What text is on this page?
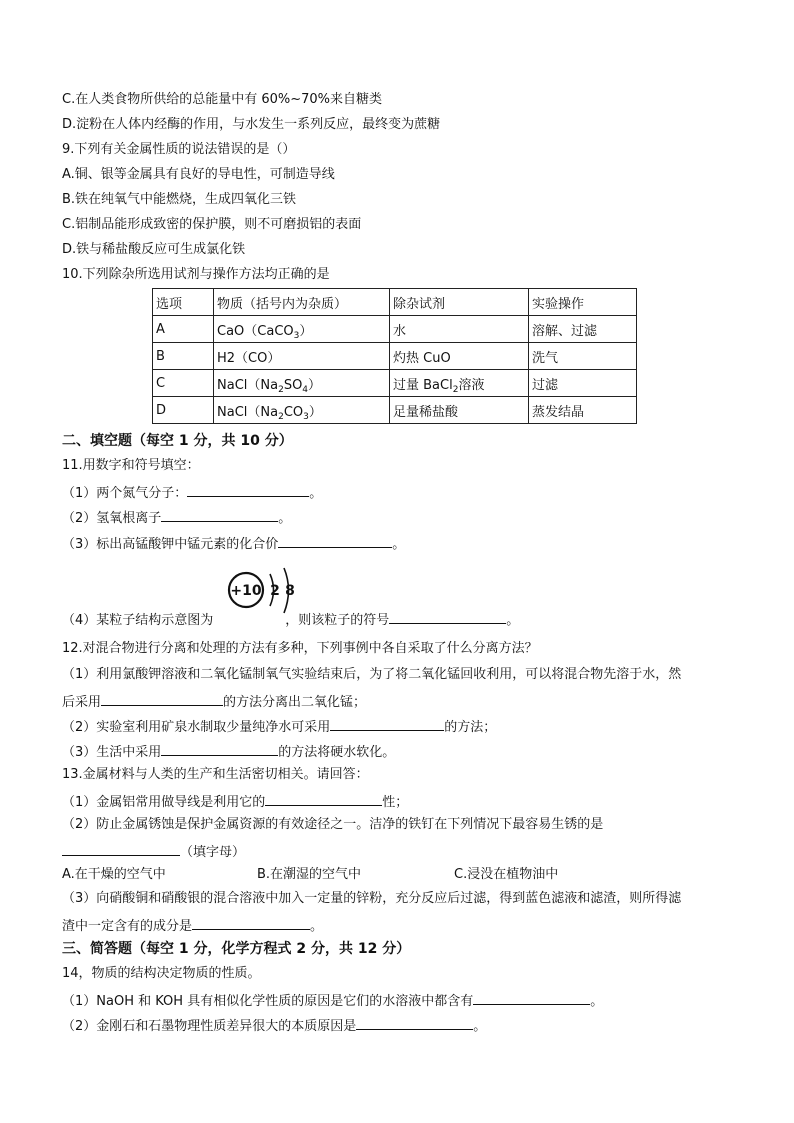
C.在人类食物所供给的总能量中有 60%~70%来自糖类
D.淀粉在人体内经酶的作用，与水发生一系列反应，最终变为蔗糖
9.下列有关金属性质的说法错误的是（）
A.铜、银等金属具有良好的导电性，可制造导线
B.铁在纯氧气中能燃烧，生成四氧化三铁
C.铝制品能形成致密的保护膜，则不可磨损铝的表面
D.铁与稀盐酸反应可生成氯化铁
10.下列除杂所选用试剂与操作方法均正确的是
选项	物质（括号内为杂质）	除杂试剂	实验操作
A	CaO（CaCO$_3$）	水	溶解、过滤
B	H2（CO）	灼热 CuO	洗气
C	$NaCl(Na_2SO_4)$	过量 BaCl$_2$溶液	过滤
D	$NaCl(Na_2CO_3)$	足量稀盐酸	蒸发结晶
二、填空题（每空 1 分，共 10 分）
11.用数字和符号填空：
（1）两个氮气分子：	。
（2）氢氧根离子	。
（3）标出高锰酸钾中锰元素的化合价	。
+10 2 8
（4）某粒子结构示意图为	，则该粒子的符号	。
12.对混合物进行分离和处理的方法有多种，下列事例中各自采取了什么分离方法？
（1）利用氯酸钾溶液和二氧化锰制氧气实验结束后，为了将二氧化锰回收利用，可以将混合物先溶于水，然
后采用	的方法分离出二氧化锰；
（2）实验室利用矿泉水制取少量纯净水可采用	的方法；
（3）生活中采用	的方法将硬水软化。
13.金属材料与人类的生产和生活密切相关。请回答：
（1）金属铝常用做导线是利用它的	性；
（2）防止金属锈蚀是保护金属资源的有效途径之一。洁净的铁钉在下列情况下最容易生锈的是
（填字母）
A.在干燥的空气中	B.在潮湿的空气中	C.浸没在植物油中
（3）向硝酸铜和硝酸银的混合溶液中加入一定量的锌粉，充分反应后过滤，得到蓝色滤液和滤渣，则所得滤
渣中一定含有的成分是	。
三、简答题（每空 1 分，化学方程式 2 分，共 12 分）
14，物质的结构决定物质的性质。
（1）NaOH 和 KOH 具有相似化学性质的原因是它们的水溶液中都含有	。
（2）金刚石和石墨物理性质差异很大的本质原因是	。
